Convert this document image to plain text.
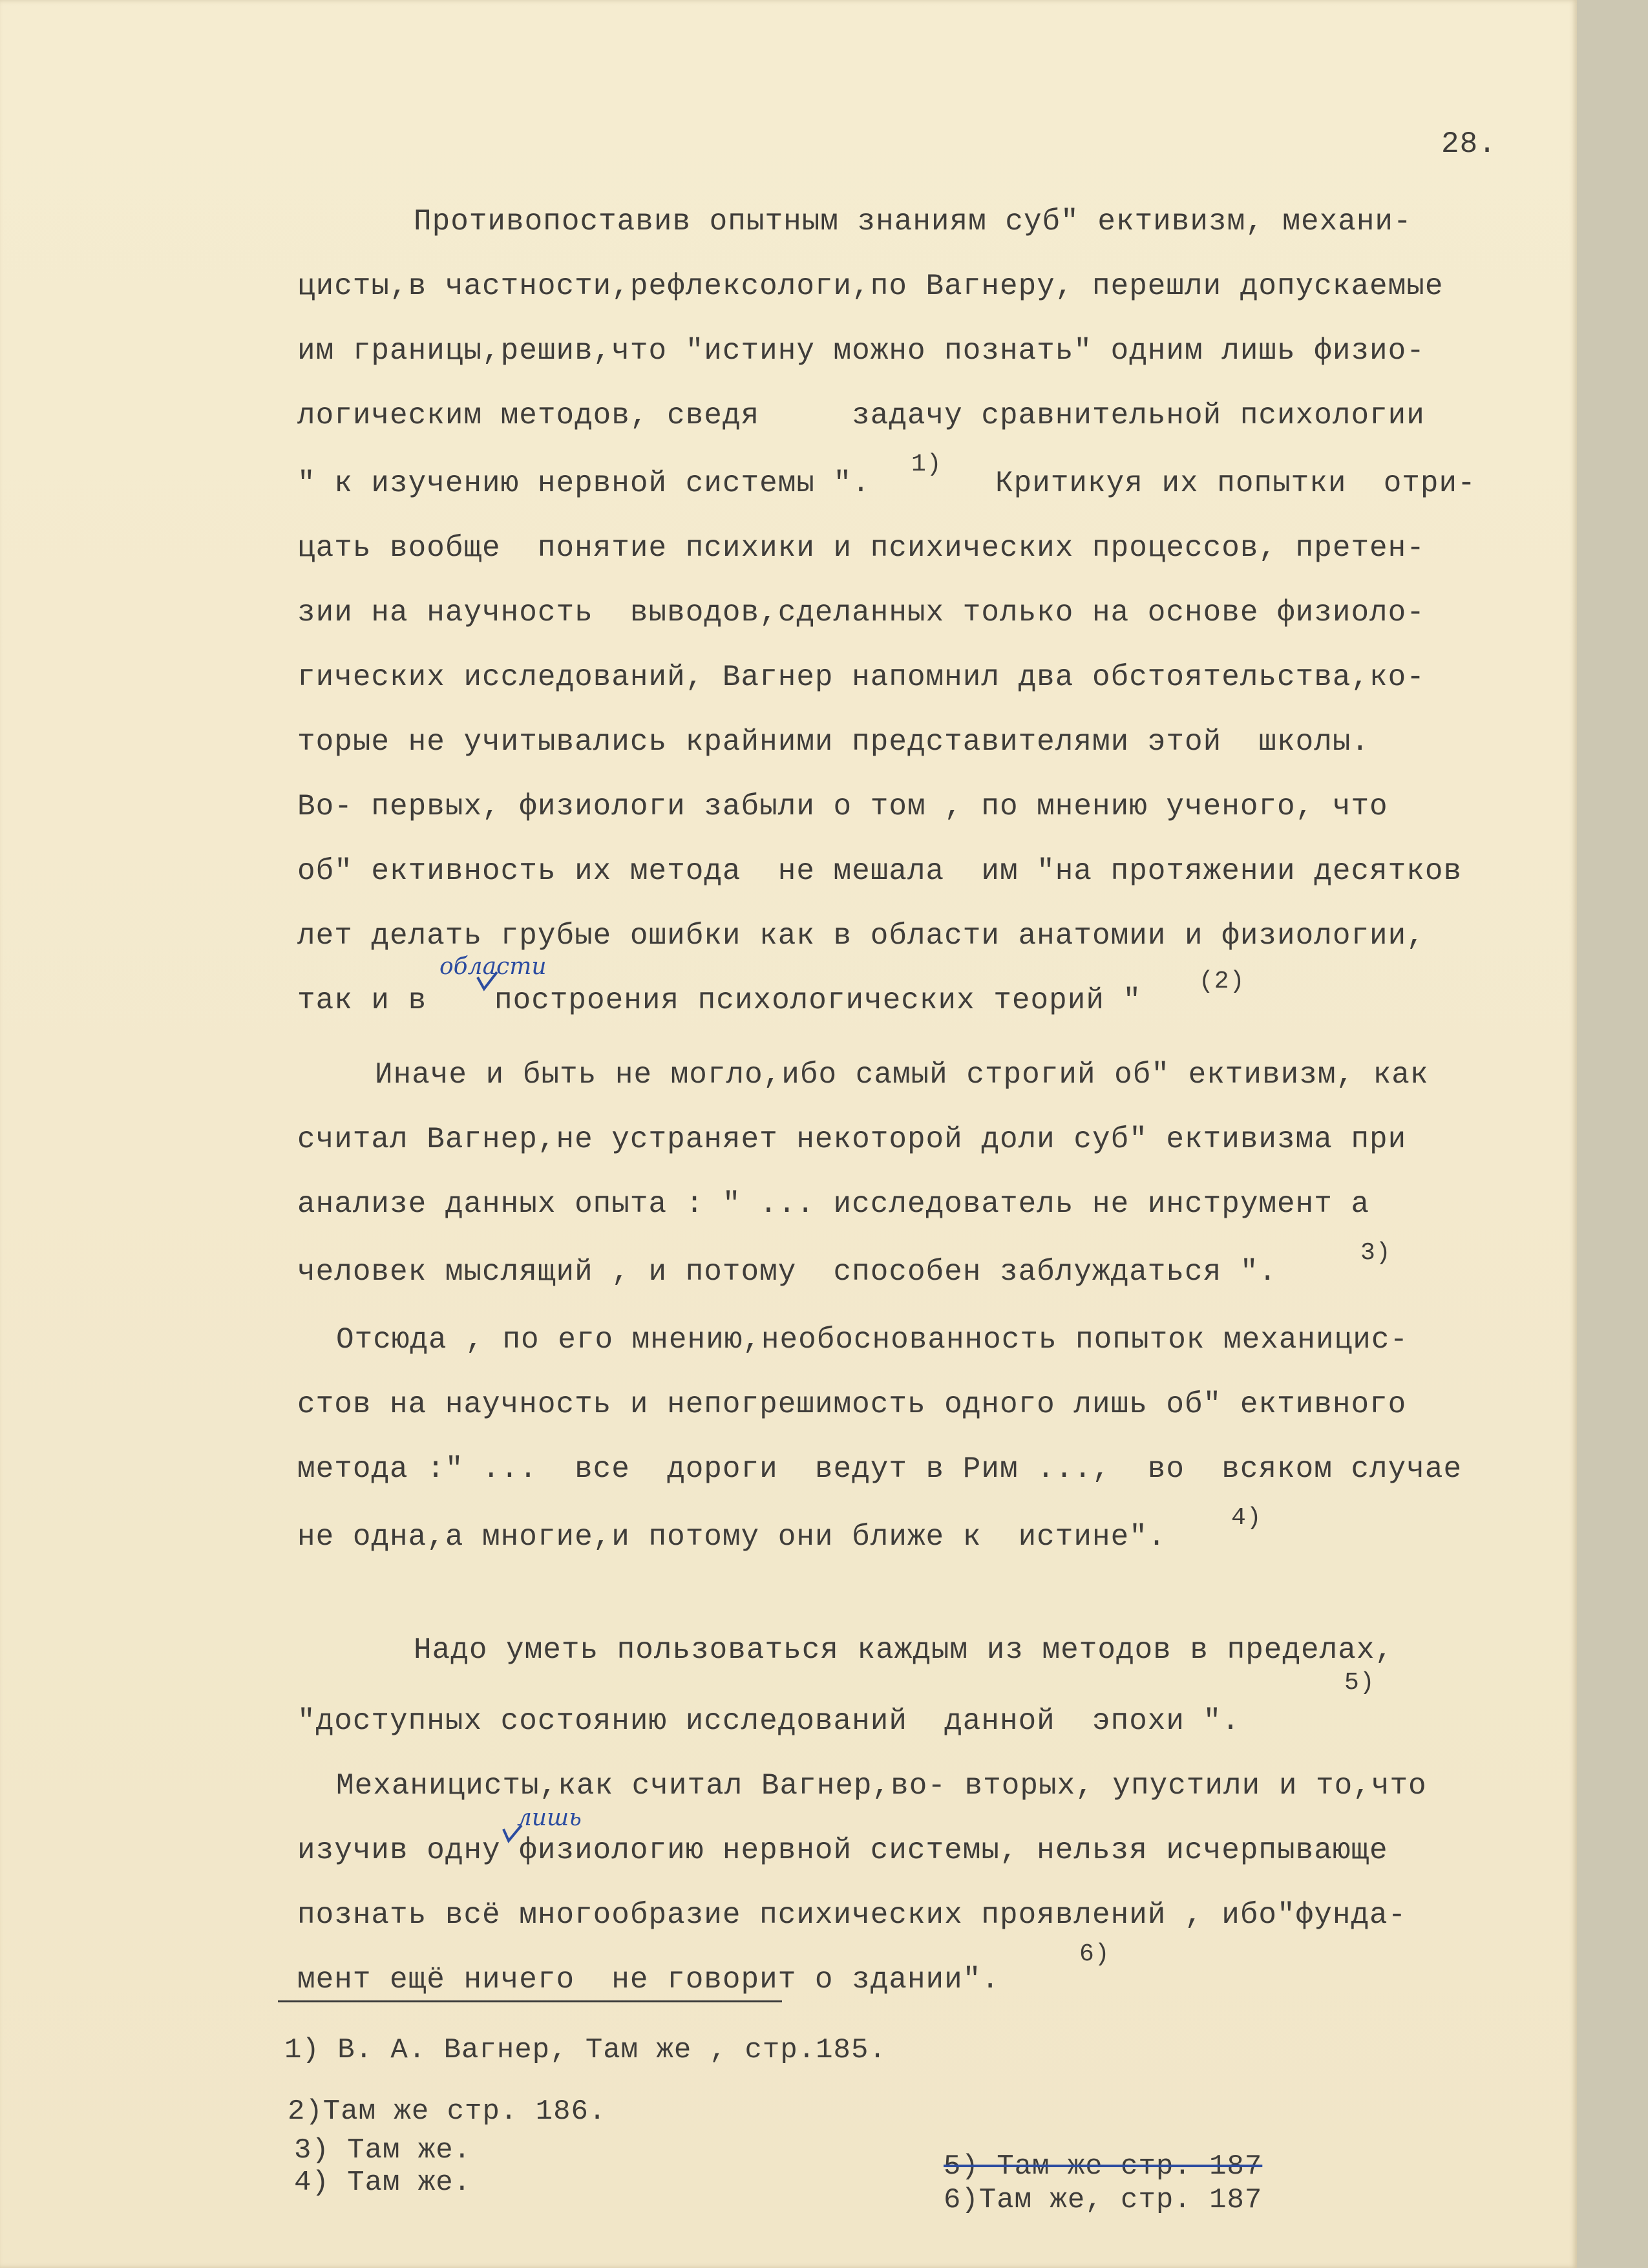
28.
Противопоставив опытным знаниям суб" ективизм, механи-
цисты,в частности,рефлексологи,по Вагнеру, перешли допускаемые
им границы,решив,что "истину можно познать" одним лишь физио-
логическим методов, сведя     задачу сравнительной психологии
" к изучению нервной системы ".	Критикуя их попытки  отри-
цать вообще  понятие психики и психических процессов, претен-
зии на научность  выводов,сделанных только на основе физиоло-
гических исследований, Вагнер напомнил два обстоятельства,ко-
торые не учитывались крайними представителями этой  школы.
Во- первых, физиологи забыли о том , по мнению ученого, что
об" ективность их метода  не мешала  им "на протяжении десятков
лет делать грубые ошибки как в области анатомии и физиологии,
так и в построения психологических теорий "
Иначе и быть не могло,ибо самый строгий об" ективизм, как
считал Вагнер,не устраняет некоторой доли суб" ективизма при
анализе данных опыта : " ... исследователь не инструмент а
человек мыслящий , и потому  способен заблуждаться ".
Отсюда , по его мнению,необоснованность попыток механицис-
стов на научность и непогрешимость одного лишь об" ективного
метода :" ...  все  дороги  ведут в Рим ...,  во  всяком случае
не одна,а многие,и потому они ближе к  истине".
Надо уметь пользоваться каждым из методов в пределах,
"доступных состоянию исследований  данной  эпохи ".
Механицисты,как считал Вагнер,во- вторых, упустили и то,что
изучив одну физиологию нервной системы, нельзя исчерпывающе
познать всё многообразие психических проявлений , ибо"фунда-
мент ещё ничего  не говорит о здании".
1)
(2)
3)
4)
5)
6)
области
лишь
1) В. А. Вагнер, Там же , стр.185.
2)Там же стр. 186.
3) Там же.
4) Там же.	5) Там же стр. 187
6)Там же, стр. 187
